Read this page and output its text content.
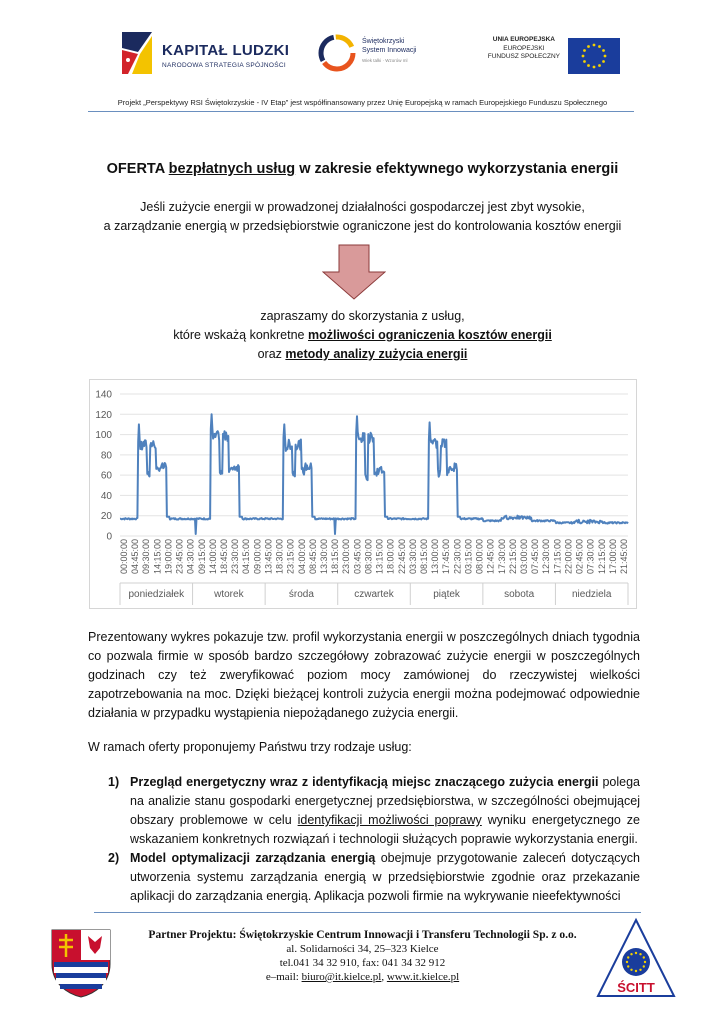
KAPITAŁ LUDZKI
NARODOWA STRATEGIA SPÓJNOŚCI
Świętokrzyski
System Innowacji
Wiek talki · Wzorów ml
UNIA EUROPEJSKA
EUROPEJSKI
FUNDUSZ SPOŁECZNY
Projekt „Perspektywy RSI Świętokrzyskie - IV Etap” jest współfinansowany przez Unię Europejską w ramach Europejskiego Funduszu Społecznego
OFERTA bezpłatnych usług w zakresie efektywnego wykorzystania energii
Jeśli zużycie energii w prowadzonej działalności gospodarczej jest zbyt wysokie,
a zarządzanie energią w przedsiębiorstwie ograniczone jest do kontrolowania kosztów energii
zapraszamy do skorzystania z usług,
które wskażą konkretne możliwości ograniczenia kosztów energii
oraz metody analizy zużycia energii
0
20
40
60
80
100
120
140
00:00:00 04:45:00 09:30:00 14:15:00 19:00:00 23:45:00 04:30:00 09:15:00 14:00:00 18:45:00 23:30:00 04:15:00 09:00:00 13:45:00 18:30:00 23:15:00 04:00:00 08:45:00 13:30:00 18:15:00 23:00:00 03:45:00 08:30:00 13:15:00 18:00:00 22:45:00 03:30:00 08:15:00 13:00:00 17:45:00 22:30:00 03:15:00 08:00:00 12:45:00 17:30:00 22:15:00 03:00:00 07:45:00 12:30:00 17:15:00 22:00:00 02:45:00 07:30:00 12:15:00 17:00:00 21:45:00
poniedziałek	wtorek	środa	czwartek	piątek	sobota	niedziela
Prezentowany wykres pokazuje tzw. profil wykorzystania energii w poszczególnych dniach tygodnia co pozwala firmie w sposób bardzo szczegółowy zobrazować zużycie energii w poszczególnych godzinach czy też zweryfikować poziom mocy zamówionej do rzeczywistej wielkości zapotrzebowania na moc. Dzięki bieżącej kontroli zużycia energii można podejmować odpowiednie działania w przypadku wystąpienia niepożądanego zużycia energii.
W ramach oferty proponujemy Państwu trzy rodzaje usług:
1) Przegląd energetyczny wraz z identyfikacją miejsc znaczącego zużycia energii polega na analizie stanu gospodarki energetycznej przedsiębiorstwa, w szczególności obejmującej obszary problemowe w celu identyfikacji możliwości poprawy wyniku energetycznego ze wskazaniem konkretnych rozwiązań i technologii służących poprawie wykorzystania energii.
2) Model optymalizacji zarządzania energią obejmuje przygotowanie zaleceń dotyczących utworzenia systemu zarządzania energią w przedsiębiorstwie zgodnie oraz przekazanie aplikacji do zarządzania energią. Aplikacja pozwoli firmie na wykrywanie nieefektywności
Partner Projektu: Świętokrzyskie Centrum Innowacji i Transferu Technologii Sp. z o.o.
al. Solidarności 34, 25–323 Kielce
tel.041 34 32 910, fax: 041 34 32 912
e–mail: biuro@it.kielce.pl, www.it.kielce.pl
ŚCITT
